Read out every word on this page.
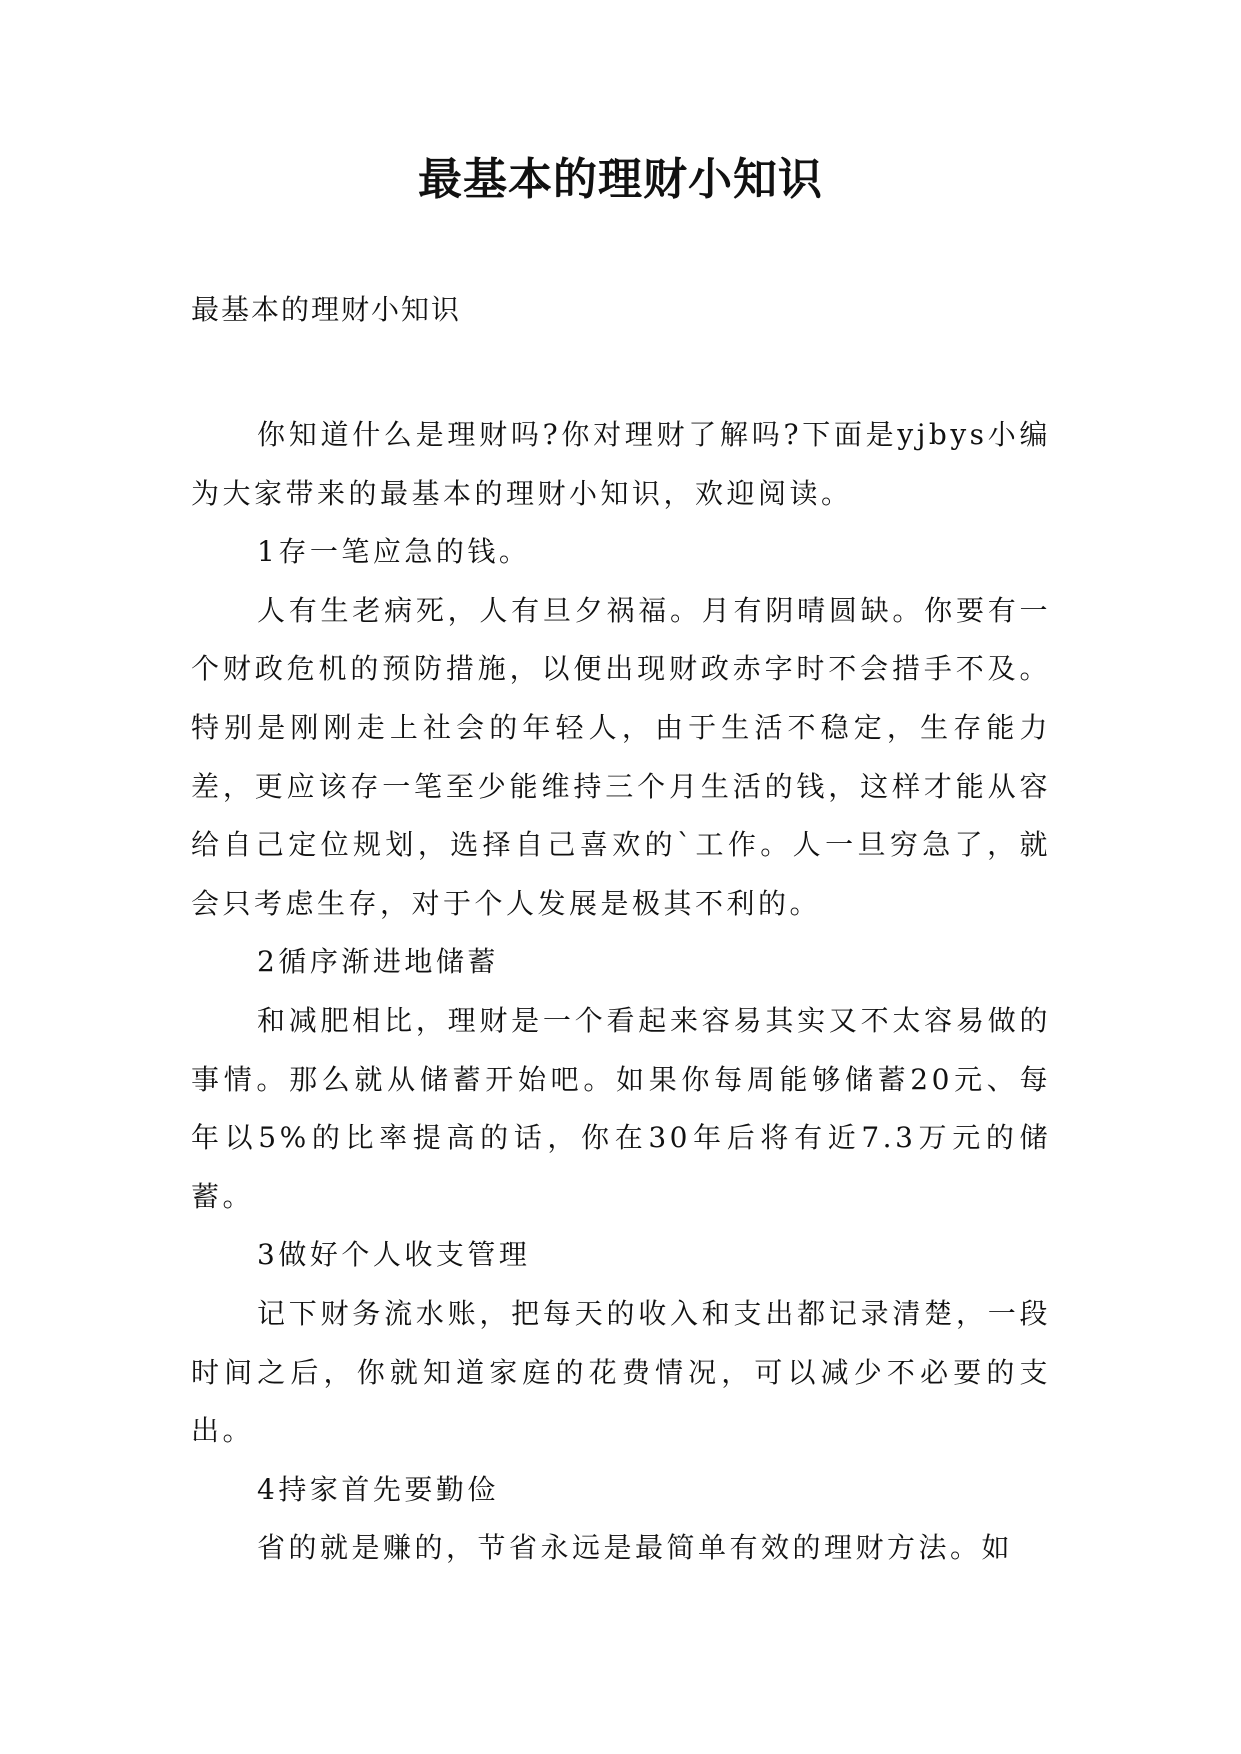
最基本的理财小知识

最基本的理财小知识

你知道什么是理财吗?你对理财了解吗?下面是yjbys小编为大家带来的最基本的理财小知识，欢迎阅读。

1存一笔应急的钱。

人有生老病死，人有旦夕祸福。月有阴晴圆缺。你要有一个财政危机的预防措施，以便出现财政赤字时不会措手不及。特别是刚刚走上社会的年轻人，由于生活不稳定，生存能力差，更应该存一笔至少能维持三个月生活的钱，这样才能从容给自己定位规划，选择自己喜欢的`工作。人一旦穷急了，就会只考虑生存，对于个人发展是极其不利的。

2循序渐进地储蓄

和减肥相比，理财是一个看起来容易其实又不太容易做的事情。那么就从储蓄开始吧。如果你每周能够储蓄20元、每年以5%的比率提高的话，你在30年后将有近7.3万元的储蓄。

3做好个人收支管理

记下财务流水账，把每天的收入和支出都记录清楚，一段时间之后，你就知道家庭的花费情况，可以减少不必要的支出。

4持家首先要勤俭

省的就是赚的，节省永远是最简单有效的理财方法。如
